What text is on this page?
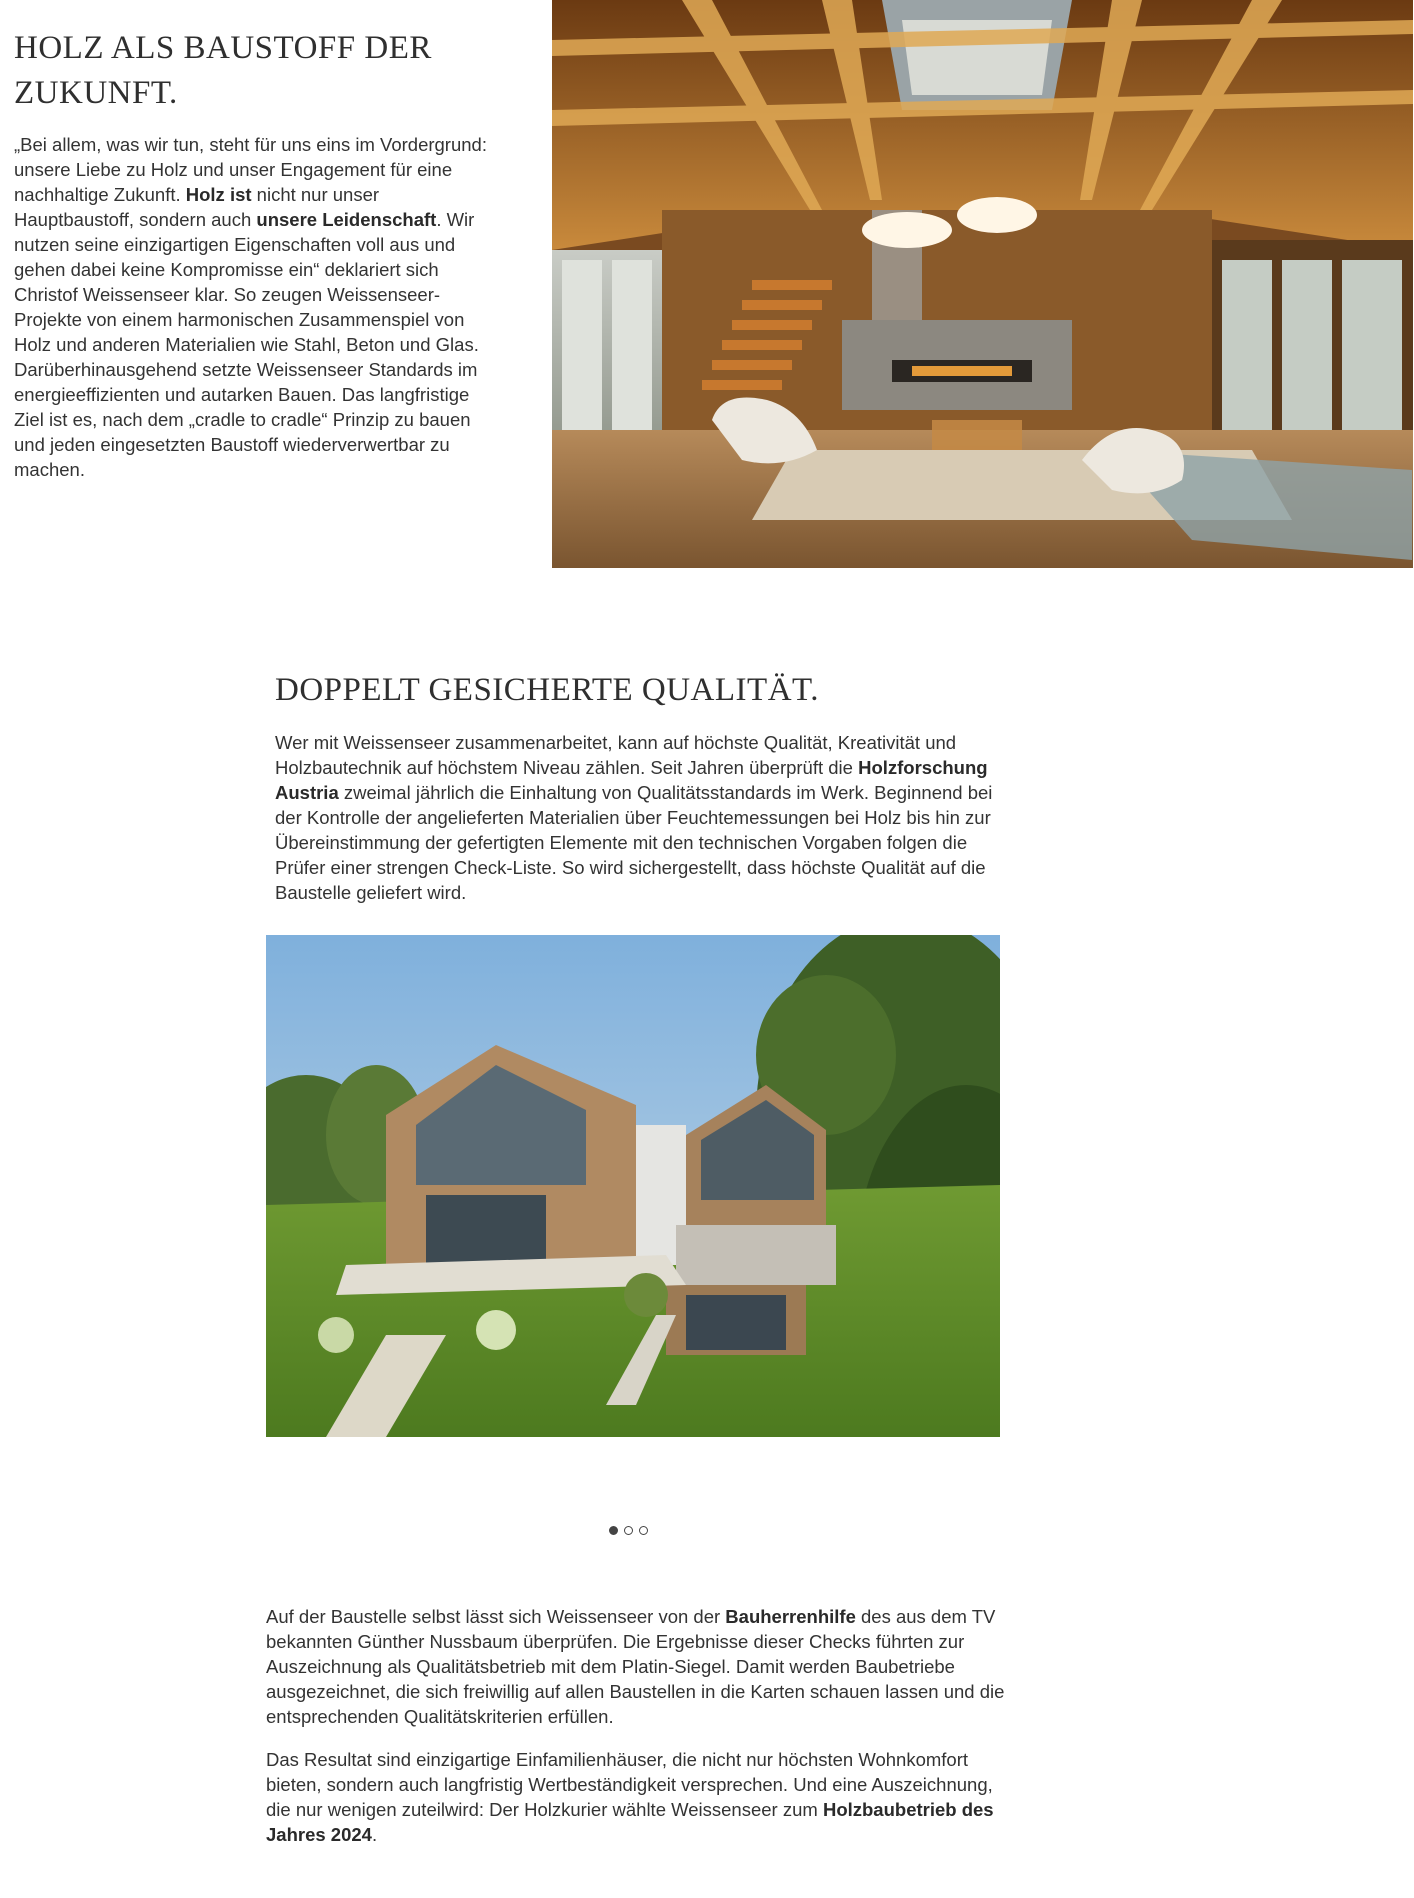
HOLZ ALS BAUSTOFF DER
ZUKUNFT.

„Bei allem, was wir tun, steht für uns eins im Vordergrund: unsere Liebe zu Holz und unser Engagement für eine nachhaltige Zukunft. Holz ist nicht nur unser Hauptbaustoff, sondern auch unsere Leidenschaft. Wir nutzen seine einzigartigen Eigenschaften voll aus und gehen dabei keine Kompromisse ein“ deklariert sich Christof Weissenseer klar. So zeugen Weissenseer-Projekte von einem harmonischen Zusammenspiel von Holz und anderen Materialien wie Stahl, Beton und Glas. Darüberhinausgehend setzte Weissenseer Standards im energieeffizienten und autarken Bauen. Das langfristige Ziel ist es, nach dem „cradle to cradle“ Prinzip zu bauen und jeden eingesetzten Baustoff wiederverwertbar zu machen.

DOPPELT GESICHERTE QUALITÄT.

Wer mit Weissenseer zusammenarbeitet, kann auf höchste Qualität, Kreativität und Holzbautechnik auf höchstem Niveau zählen. Seit Jahren überprüft die Holzforschung Austria zweimal jährlich die Einhaltung von Qualitätsstandards im Werk. Beginnend bei der Kontrolle der angelieferten Materialien über Feuchtemessungen bei Holz bis hin zur Übereinstimmung der gefertigten Elemente mit den technischen Vorgaben folgen die Prüfer einer strengen Check-Liste. So wird sichergestellt, dass höchste Qualität auf die Baustelle geliefert wird.

Auf der Baustelle selbst lässt sich Weissenseer von der Bauherrenhilfe des aus dem TV bekannten Günther Nussbaum überprüfen. Die Ergebnisse dieser Checks führten zur Auszeichnung als Qualitätsbetrieb mit dem Platin-Siegel. Damit werden Baubetriebe ausgezeichnet, die sich freiwillig auf allen Baustellen in die Karten schauen lassen und die entsprechenden Qualitätskriterien erfüllen.

Das Resultat sind einzigartige Einfamilienhäuser, die nicht nur höchsten Wohnkomfort bieten, sondern auch langfristig Wertbeständigkeit versprechen. Und eine Auszeichnung, die nur wenigen zuteilwird: Der Holzkurier wählte Weissenseer zum Holzbaubetrieb des Jahres 2024.
